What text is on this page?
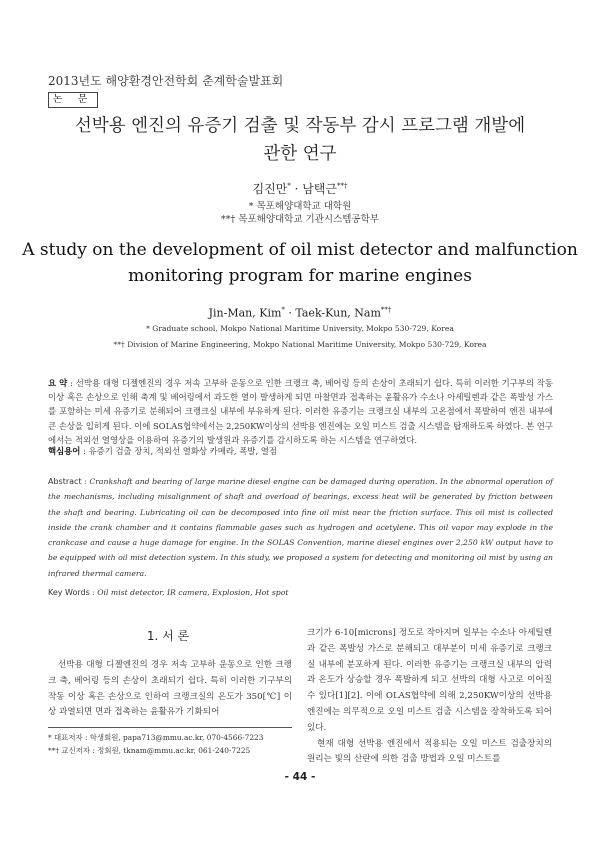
2013년도 해양환경안전학회 춘계학술발표회
논 문
선박용 엔진의 유증기 검출 및 작동부 감시 프로그램 개발에
관한 연구
김진만* · 남택근**†
* 목포해양대학교 대학원
**† 목포해양대학교 기관시스템공학부
A study on the development of oil mist detector and malfunction
monitoring program for marine engines
Jin-Man, Kim* · Taek-Kun, Nam**†
* Graduate school, Mokpo National Maritime University, Mokpo 530-729, Korea
**† Division of Marine Engineering, Mokpo National Maritime University, Mokpo 530-729, Korea
요 약 : 선박용 대형 디젤엔진의 경우 저속 고부하 운동으로 인한 크랭크 축, 베어링 등의 손상이 초래되기 쉽다. 특히 이러한 기구부의 작동 이상 혹은 손상으로 인해 축계 및 베어링에서 과도한 열이 발생하게 되면 마찰면과 접촉하는 윤활유가 수소나 아세틸렌과 같은 폭발성 가스를 포함하는 미세 유증기로 분해되어 크랭크실 내부에 부유하게 된다. 이러한 유증기는 크랭크실 내부의 고온점에서 폭발하여 엔진 내부에 큰 손상을 입히게 된다. 이에 SOLAS협약에서는 2,250KW이상의 선박용 엔진에는 오일 미스트 검출 시스템을 탑재하도록 하였다. 본 연구에서는 적외선 열영상을 이용하여 유증기의 발생원과 유증기를 감시하도록 하는 시스템을 연구하였다.
핵심용어 : 유증기 검출 장치, 적외선 열화상 카메라, 폭발, 열점
Abstract : Crankshaft and bearing of large marine diesel engine can be damaged during operation. In the abnormal operation of the mechanisms, including misalignment of shaft and overload of bearings, excess heat will be generated by friction between the shaft and bearing. Lubricating oil can be decomposed into fine oil mist near the friction surface. This oil mist is collected inside the crank chamber and it contains flammable gases such as hydrogen and acetylene. This oil vapor may explode in the crankcase and cause a huge damage for engine. In the SOLAS Convention, marine diesel engines over 2,250 kW output have to be equipped with oil mist detection system. In this study, we proposed a system for detecting and monitoring oil mist by using an infrared thermal camera.
Key Words : Oil mist detector, IR camera, Explosion, Hot spot
1. 서 론
선박용 대형 디젤엔진의 경우 저속 고부하 운동으로 인한 크랭크 축, 베어링 등의 손상이 초래되기 쉽다. 특히 이러한 기구부의 작동 이상 혹은 손상으로 인하여 크랭크실의 온도가 350[℃] 이상 과열되면 면과 접촉하는 윤활유가 기화되어

크기가 6-10[microns] 정도로 작아지며 일부는 수소나 아세틸렌과 같은 폭발성 가스로 분해되고 대부분이 미세 유증기로 크랭크실 내부에 분포하게 된다. 이러한 유증기는 크랭크실 내부의 압력과 온도가 상승할 경우 폭발하게 되고 선박의 대형 사고로 이어질 수 있다[1][2]. 이에 OLAS협약에 의해 2,250KW이상의 선박용 엔진에는 의무적으로 오일 미스트 검출 시스템을 장착하도록 되어있다.

현재 대형 선박용 엔진에서 적용되는 오일 미스트 검출장치의 원리는 빛의 산란에 의한 검출 방법과 오일 미스트를

* 대표저자 : 학생회원, papa713@mmu.ac.kr, 070-4566-7223
**† 교신저자 : 정회원, tknam@mmu.ac.kr, 061-240-7225
- 44 -
